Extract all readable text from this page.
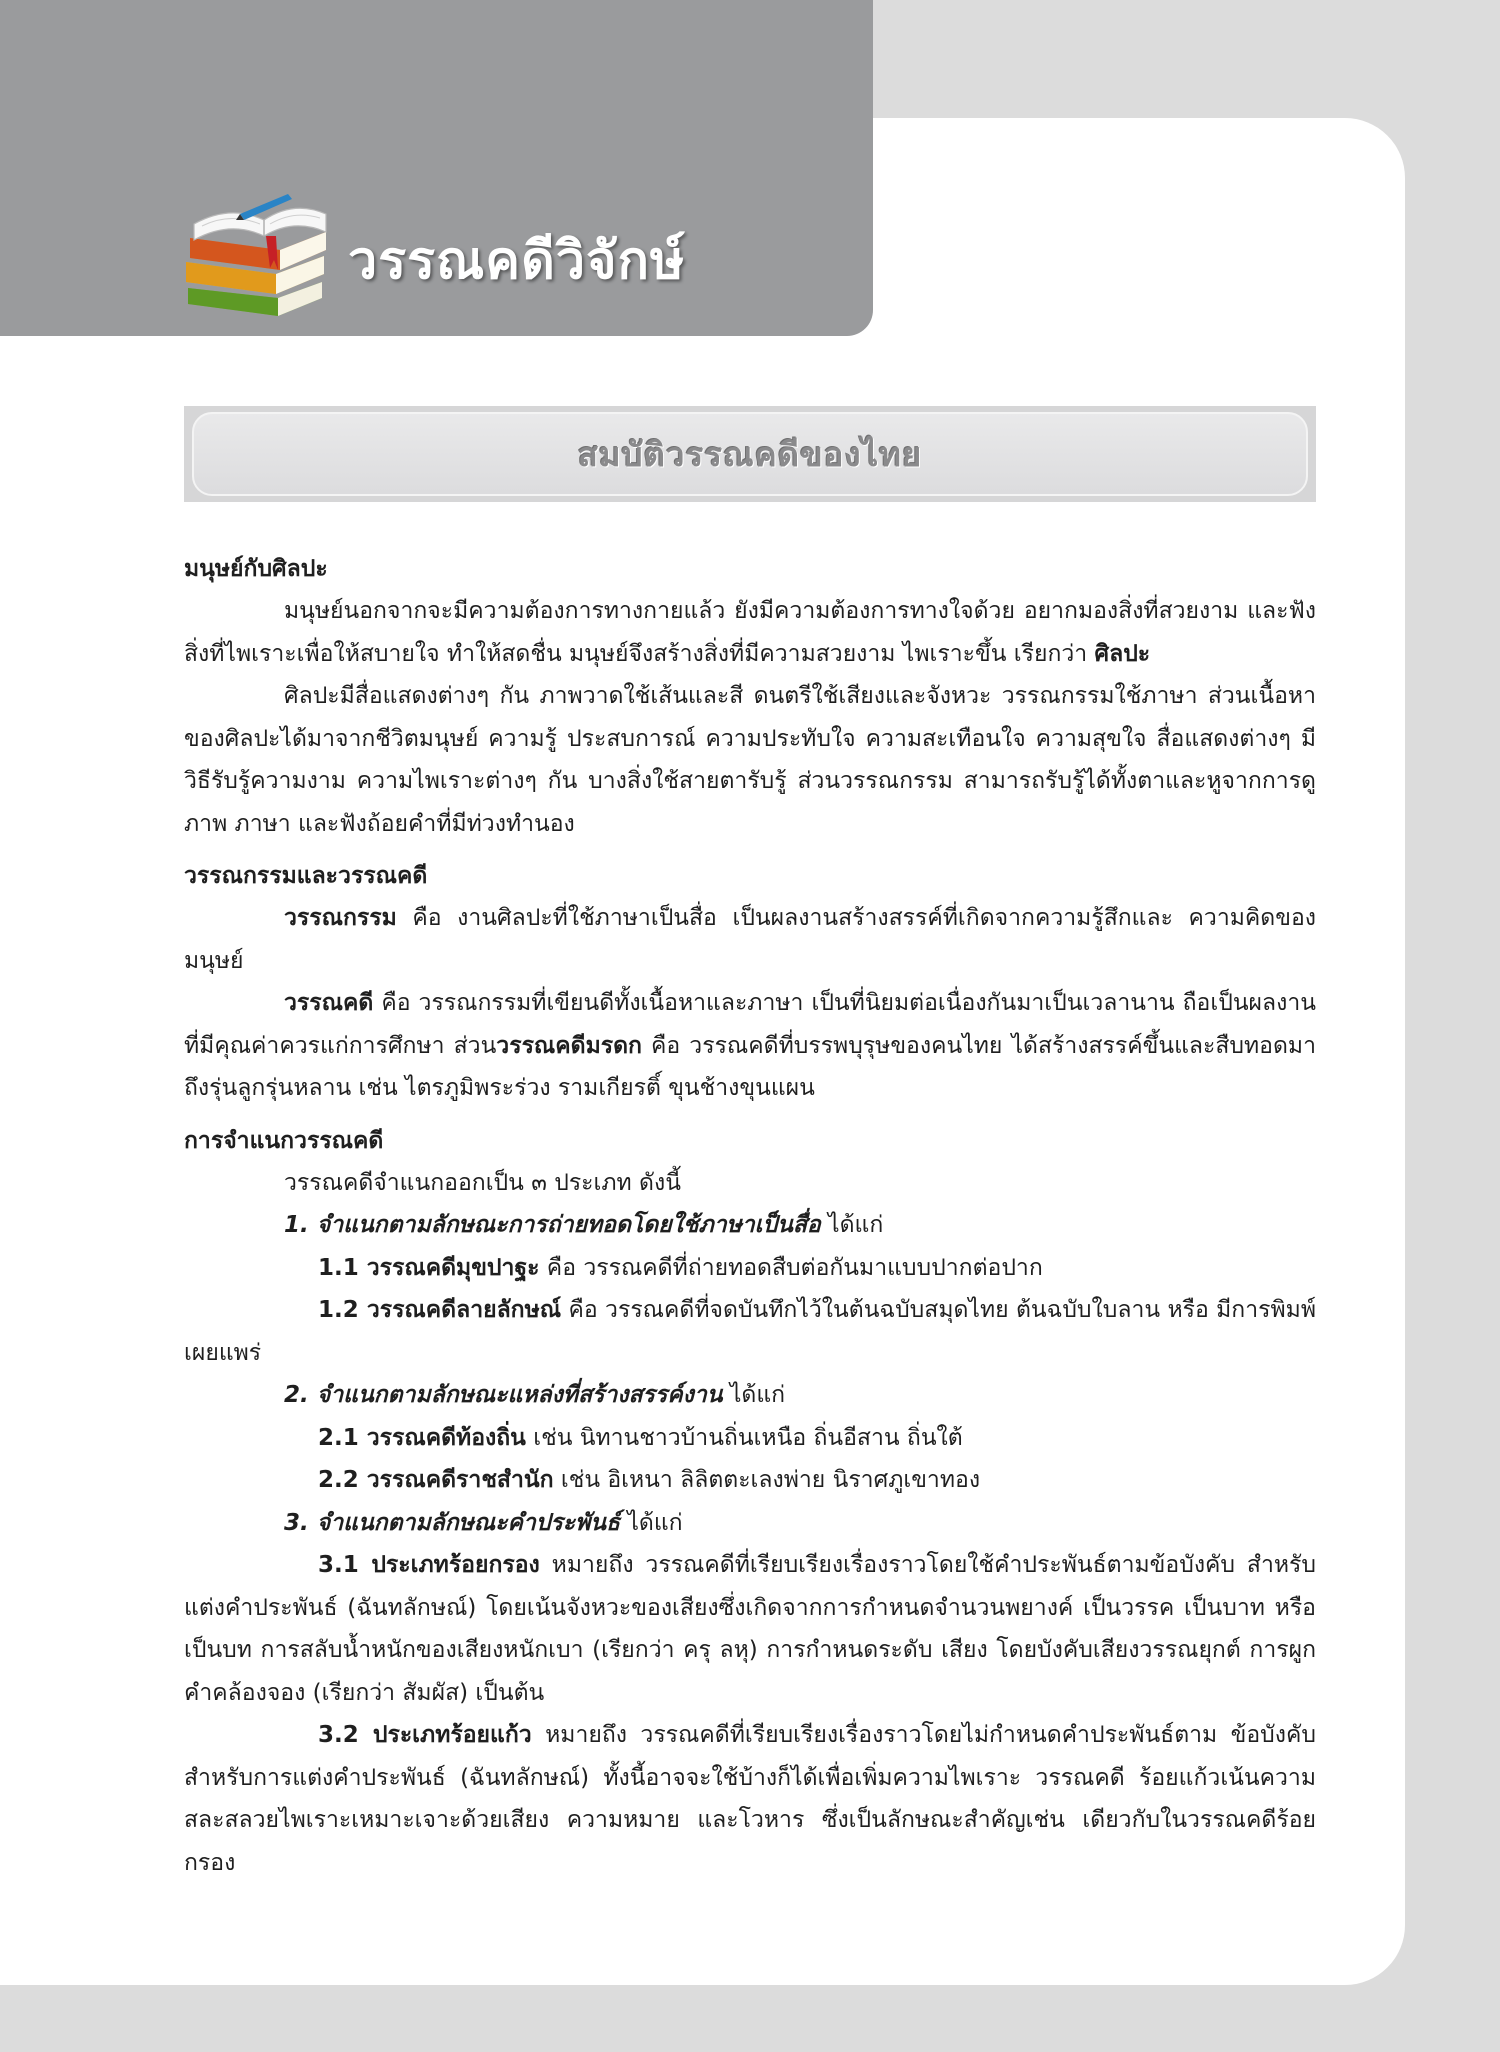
วรรณคดีวิจักษ์
สมบัติวรรณคดีของไทย
มนุษย์กับศิลปะ

มนุษย์นอกจากจะมีความต้องการทางกายแล้ว ยังมีความต้องการทางใจด้วย อยากมองสิ่งที่สวยงาม และฟังสิ่งที่ไพเราะเพื่อให้สบายใจ ทำให้สดชื่น มนุษย์จึงสร้างสิ่งที่มีความสวยงาม ไพเราะขึ้น เรียกว่า ศิลปะ

ศิลปะมีสื่อแสดงต่างๆ กัน ภาพวาดใช้เส้นและสี ดนตรีใช้เสียงและจังหวะ วรรณกรรมใช้ภาษา ส่วนเนื้อหาของศิลปะได้มาจากชีวิตมนุษย์ ความรู้ ประสบการณ์ ความประทับใจ ความสะเทือนใจ ความสุขใจ สื่อแสดงต่างๆ มีวิธีรับรู้ความงาม ความไพเราะต่างๆ กัน บางสิ่งใช้สายตารับรู้ ส่วนวรรณกรรม สามารถรับรู้ได้ทั้งตาและหูจากการดูภาพ ภาษา และฟังถ้อยคำที่มีท่วงทำนอง

วรรณกรรมและวรรณคดี

วรรณกรรม คือ งานศิลปะที่ใช้ภาษาเป็นสื่อ เป็นผลงานสร้างสรรค์ที่เกิดจากความรู้สึกและ ความคิดของมนุษย์

วรรณคดี คือ วรรณกรรมที่เขียนดีทั้งเนื้อหาและภาษา เป็นที่นิยมต่อเนื่องกันมาเป็นเวลานาน ถือเป็นผลงานที่มีคุณค่าควรแก่การศึกษา ส่วนวรรณคดีมรดก คือ วรรณคดีที่บรรพบุรุษของคนไทย ได้สร้างสรรค์ขึ้นและสืบทอดมาถึงรุ่นลูกรุ่นหลาน เช่น ไตรภูมิพระร่วง รามเกียรติ์ ขุนช้างขุนแผน

การจำแนกวรรณคดี

วรรณคดีจำแนกออกเป็น ๓ ประเภท ดังนี้

1. จำแนกตามลักษณะการถ่ายทอดโดยใช้ภาษาเป็นสื่อ ได้แก่

1.1 วรรณคดีมุขปาฐะ คือ วรรณคดีที่ถ่ายทอดสืบต่อกันมาแบบปากต่อปาก

1.2 วรรณคดีลายลักษณ์ คือ วรรณคดีที่จดบันทึกไว้ในต้นฉบับสมุดไทย ต้นฉบับใบลาน หรือ มีการพิมพ์เผยแพร่

2. จำแนกตามลักษณะแหล่งที่สร้างสรรค์งาน ได้แก่

2.1 วรรณคดีท้องถิ่น เช่น นิทานชาวบ้านถิ่นเหนือ ถิ่นอีสาน ถิ่นใต้

2.2 วรรณคดีราชสำนัก เช่น อิเหนา ลิลิตตะเลงพ่าย นิราศภูเขาทอง

3. จำแนกตามลักษณะคำประพันธ์ ได้แก่

3.1 ประเภทร้อยกรอง หมายถึง วรรณคดีที่เรียบเรียงเรื่องราวโดยใช้คำประพันธ์ตามข้อบังคับ สำหรับแต่งคำประพันธ์ (ฉันทลักษณ์) โดยเน้นจังหวะของเสียงซึ่งเกิดจากการกำหนดจำนวนพยางค์ เป็นวรรค เป็นบาท หรือเป็นบท การสลับน้ำหนักของเสียงหนักเบา (เรียกว่า ครุ ลหุ) การกำหนดระดับ เสียง โดยบังคับเสียงวรรณยุกต์ การผูกคำคล้องจอง (เรียกว่า สัมผัส) เป็นต้น

3.2 ประเภทร้อยแก้ว หมายถึง วรรณคดีที่เรียบเรียงเรื่องราวโดยไม่กำหนดคำประพันธ์ตาม ข้อบังคับสำหรับการแต่งคำประพันธ์ (ฉันทลักษณ์) ทั้งนี้อาจจะใช้บ้างก็ได้เพื่อเพิ่มความไพเราะ วรรณคดี ร้อยแก้วเน้นความสละสลวยไพเราะเหมาะเจาะด้วยเสียง ความหมาย และโวหาร ซึ่งเป็นลักษณะสำคัญเช่น เดียวกับในวรรณคดีร้อยกรอง
